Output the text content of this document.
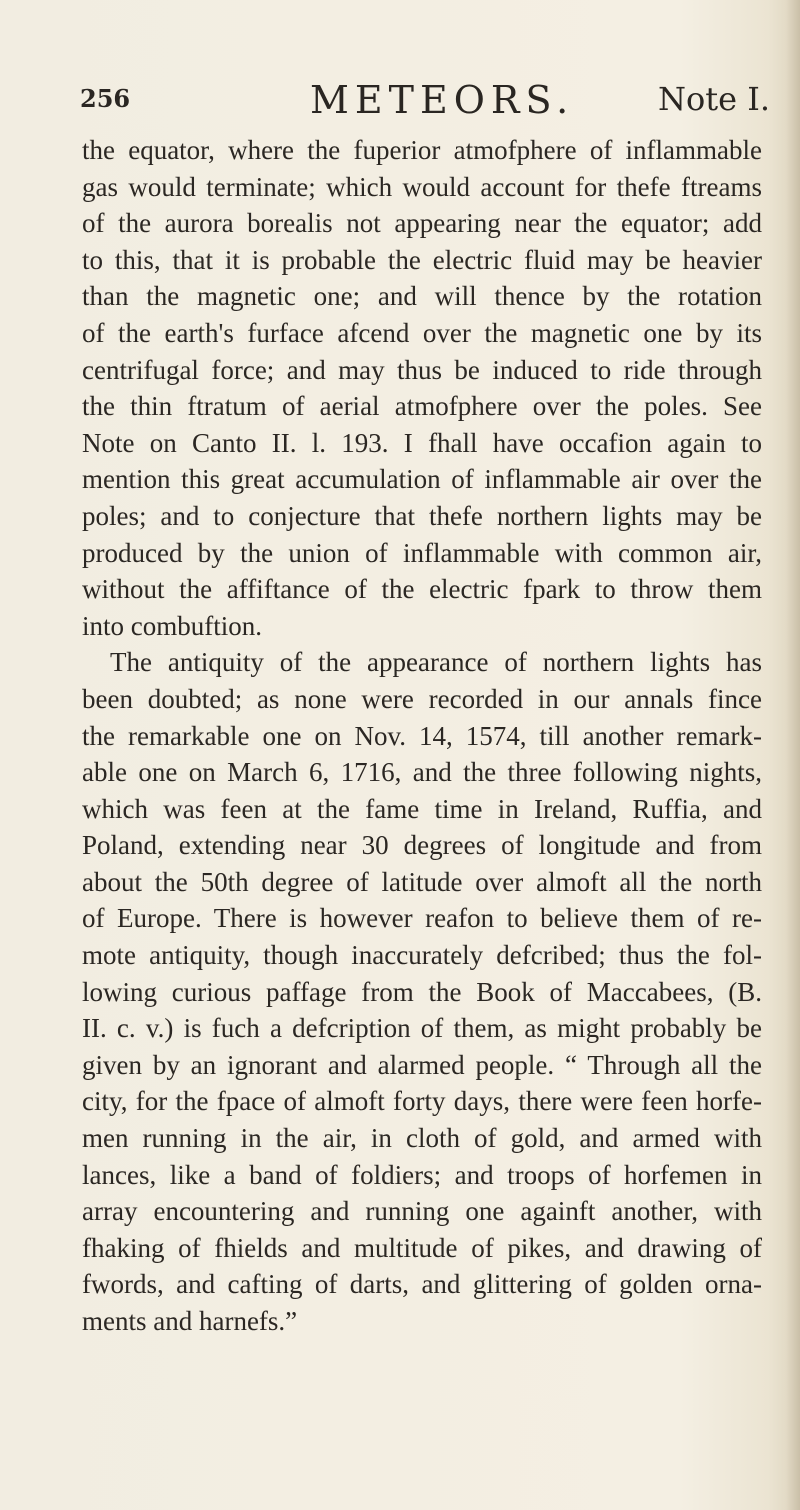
256	METEORS.	Note I.
the equator, where the fuperior atmofphere of inflammable
gas would terminate; which would account for thefe ftreams
of the aurora borealis not appearing near the equator; add
to this, that it is probable the electric fluid may be heavier
than the magnetic one; and will thence by the rotation
of the earth's furface afcend over the magnetic one by its
centrifugal force; and may thus be induced to ride through
the thin ftratum of aerial atmofphere over the poles. See
Note on Canto II. l. 193. I fhall have occafion again to
mention this great accumulation of inflammable air over the
poles; and to conjecture that thefe northern lights may be
produced by the union of inflammable with common air,
without the affiftance of the electric fpark to throw them
into combuftion.
The antiquity of the appearance of northern lights has
been doubted; as none were recorded in our annals fince
the remarkable one on Nov. 14, 1574, till another remark-
able one on March 6, 1716, and the three following nights,
which was feen at the fame time in Ireland, Ruffia, and
Poland, extending near 30 degrees of longitude and from
about the 50th degree of latitude over almoft all the north
of Europe. There is however reafon to believe them of re-
mote antiquity, though inaccurately defcribed; thus the fol-
lowing curious paffage from the Book of Maccabees, (B.
II. c. v.) is fuch a defcription of them, as might probably be
given by an ignorant and alarmed people. “ Through all the
city, for the fpace of almoft forty days, there were feen horfe-
men running in the air, in cloth of gold, and armed with
lances, like a band of foldiers; and troops of horfemen in
array encountering and running one againft another, with
fhaking of fhields and multitude of pikes, and drawing of
fwords, and cafting of darts, and glittering of golden orna-
ments and harnefs.”
